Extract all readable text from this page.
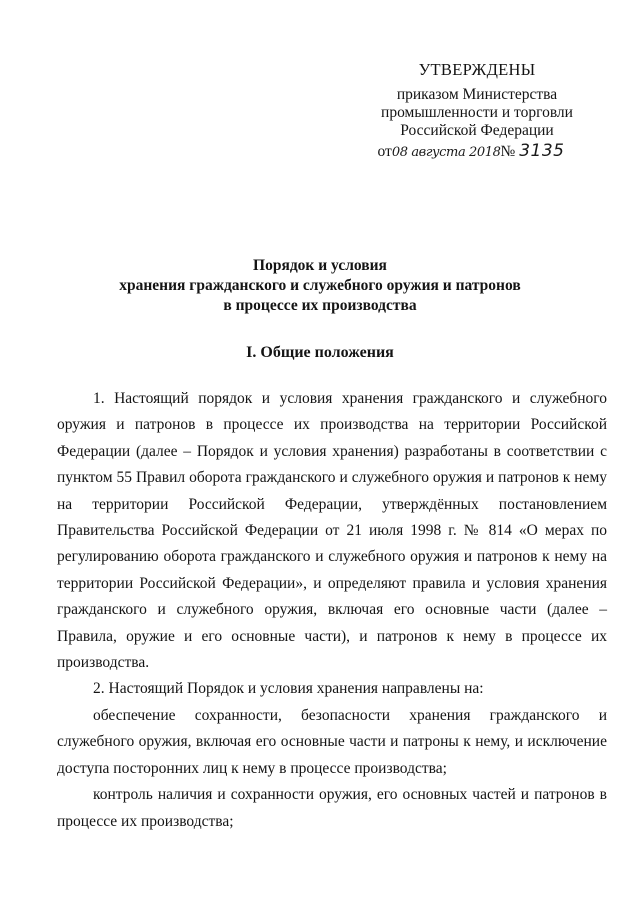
УТВЕРЖДЕНЫ
приказом Министерства
промышленности и торговли
Российской Федерации
от08 августа 2018№ 3135
Порядок и условия
хранения гражданского и служебного оружия и патронов
в процессе их производства
I. Общие положения

1. Настоящий порядок и условия хранения гражданского и служебного оружия и патронов в процессе их производства на территории Российской Федерации (далее – Порядок и условия хранения) разработаны в соответствии с пунктом 55 Правил оборота гражданского и служебного оружия и патронов к нему на территории Российской Федерации, утверждённых постановлением Правительства Российской Федерации от 21 июля 1998 г. № 814 «О мерах по регулированию оборота гражданского и служебного оружия и патронов к нему на территории Российской Федерации», и определяют правила и условия хранения гражданского и служебного оружия, включая его основные части (далее – Правила, оружие и его основные части), и патронов к нему в процессе их производства.

2. Настоящий Порядок и условия хранения направлены на:

обеспечение сохранности, безопасности хранения гражданского и служебного оружия, включая его основные части и патроны к нему, и исключение доступа посторонних лиц к нему в процессе производства;

контроль наличия и сохранности оружия, его основных частей и патронов в процессе их производства;
